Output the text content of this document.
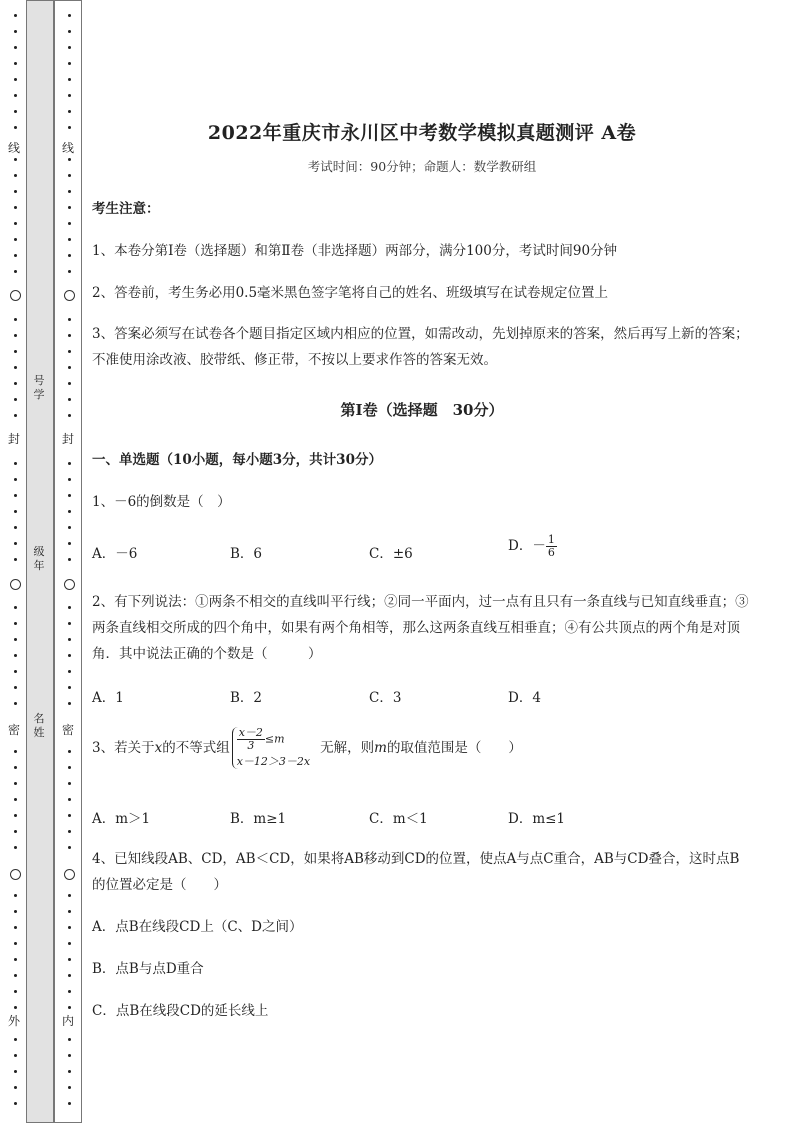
线
封
密
外
线
封
密
内
号学
级年
名姓
2022年重庆市永川区中考数学模拟真题测评 A卷
考试时间：90分钟；命题人：数学教研组
考生注意：
1、本卷分第I卷（选择题）和第Ⅱ卷（非选择题）两部分，满分100分，考试时间90分钟
2、答卷前，考生务必用0.5毫米黑色签字笔将自己的姓名、班级填写在试卷规定位置上
3、答案必须写在试卷各个题目指定区域内相应的位置，如需改动，先划掉原来的答案，然后再写上新的答案；不准使用涂改液、胶带纸、修正带，不按以上要求作答的答案无效。
第I卷（选择题　30分）
一、单选题（10小题，每小题3分，共计30分）
1、－6的倒数是（　）
A．－6	B．6	C．±6	D．－ $\frac{1}{6}$
2、有下列说法：①两条不相交的直线叫平行线；②同一平面内，过一点有且只有一条直线与已知直线垂直；③两条直线相交所成的四个角中，如果有两个角相等，那么这两条直线互相垂直；④有公共顶点的两个角是对顶角．其中说法正确的个数是（　　　）
A．1	B．2	C．3	D．4
3、若关于x的不等式组 $\frac{x-2}{3} \le m$
x－12＞3－2x
无解，则m的取值范围是（　　）
A．m＞1	B．m≥1	C．m＜1	D．m≤1
4、已知线段AB、CD，AB＜CD，如果将AB移动到CD的位置，使点A与点C重合，AB与CD叠合，这时点B的位置必定是（　　）
A．点B在线段CD上（C、D之间）
B．点B与点D重合
C．点B在线段CD的延长线上
